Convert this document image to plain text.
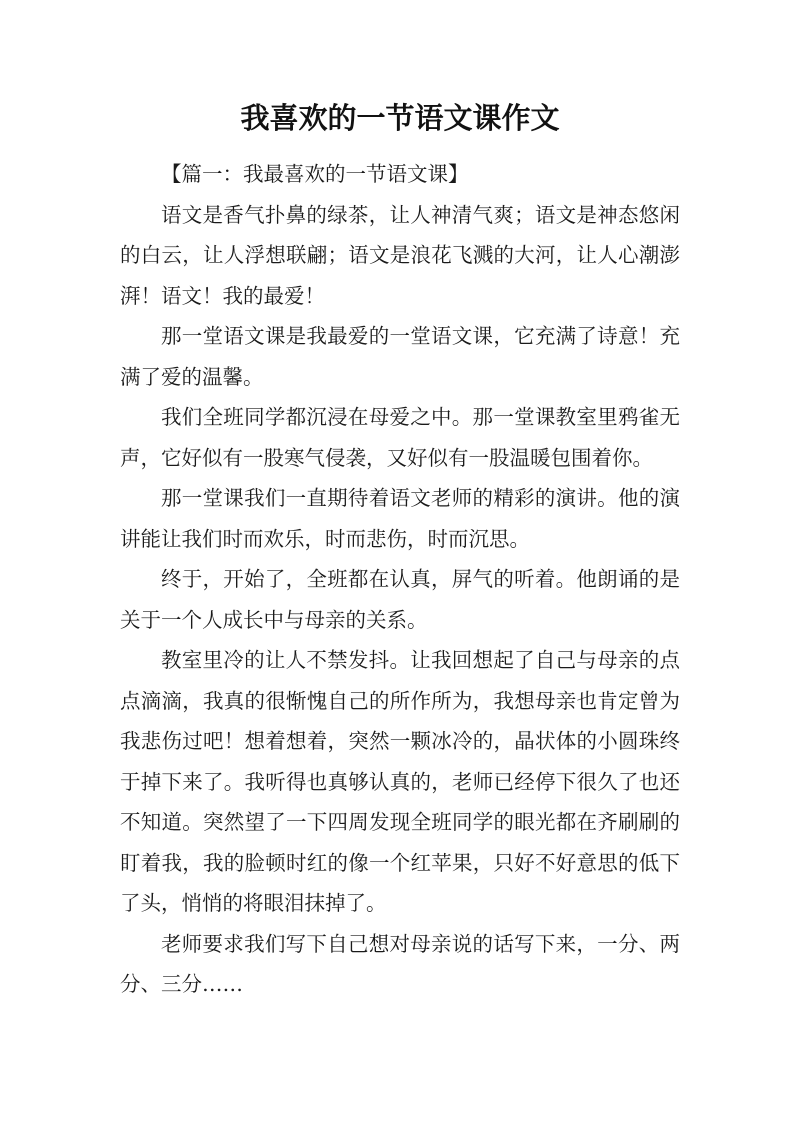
我喜欢的一节语文课作文

【篇一：我最喜欢的一节语文课】

语文是香气扑鼻的绿茶，让人神清气爽；语文是神态悠闲的白云，让人浮想联翩；语文是浪花飞溅的大河，让人心潮澎湃！语文！我的最爱！

那一堂语文课是我最爱的一堂语文课，它充满了诗意！充满了爱的温馨。

我们全班同学都沉浸在母爱之中。那一堂课教室里鸦雀无声，它好似有一股寒气侵袭，又好似有一股温暖包围着你。

那一堂课我们一直期待着语文老师的精彩的演讲。他的演讲能让我们时而欢乐，时而悲伤，时而沉思。

终于，开始了，全班都在认真，屏气的听着。他朗诵的是关于一个人成长中与母亲的关系。

教室里冷的让人不禁发抖。让我回想起了自己与母亲的点点滴滴，我真的很惭愧自己的所作所为，我想母亲也肯定曾为我悲伤过吧！想着想着，突然一颗冰冷的，晶状体的小圆珠终于掉下来了。我听得也真够认真的，老师已经停下很久了也还不知道。突然望了一下四周发现全班同学的眼光都在齐刷刷的盯着我，我的脸顿时红的像一个红苹果，只好不好意思的低下了头，悄悄的将眼泪抹掉了。

老师要求我们写下自己想对母亲说的话写下来，一分、两分、三分……
